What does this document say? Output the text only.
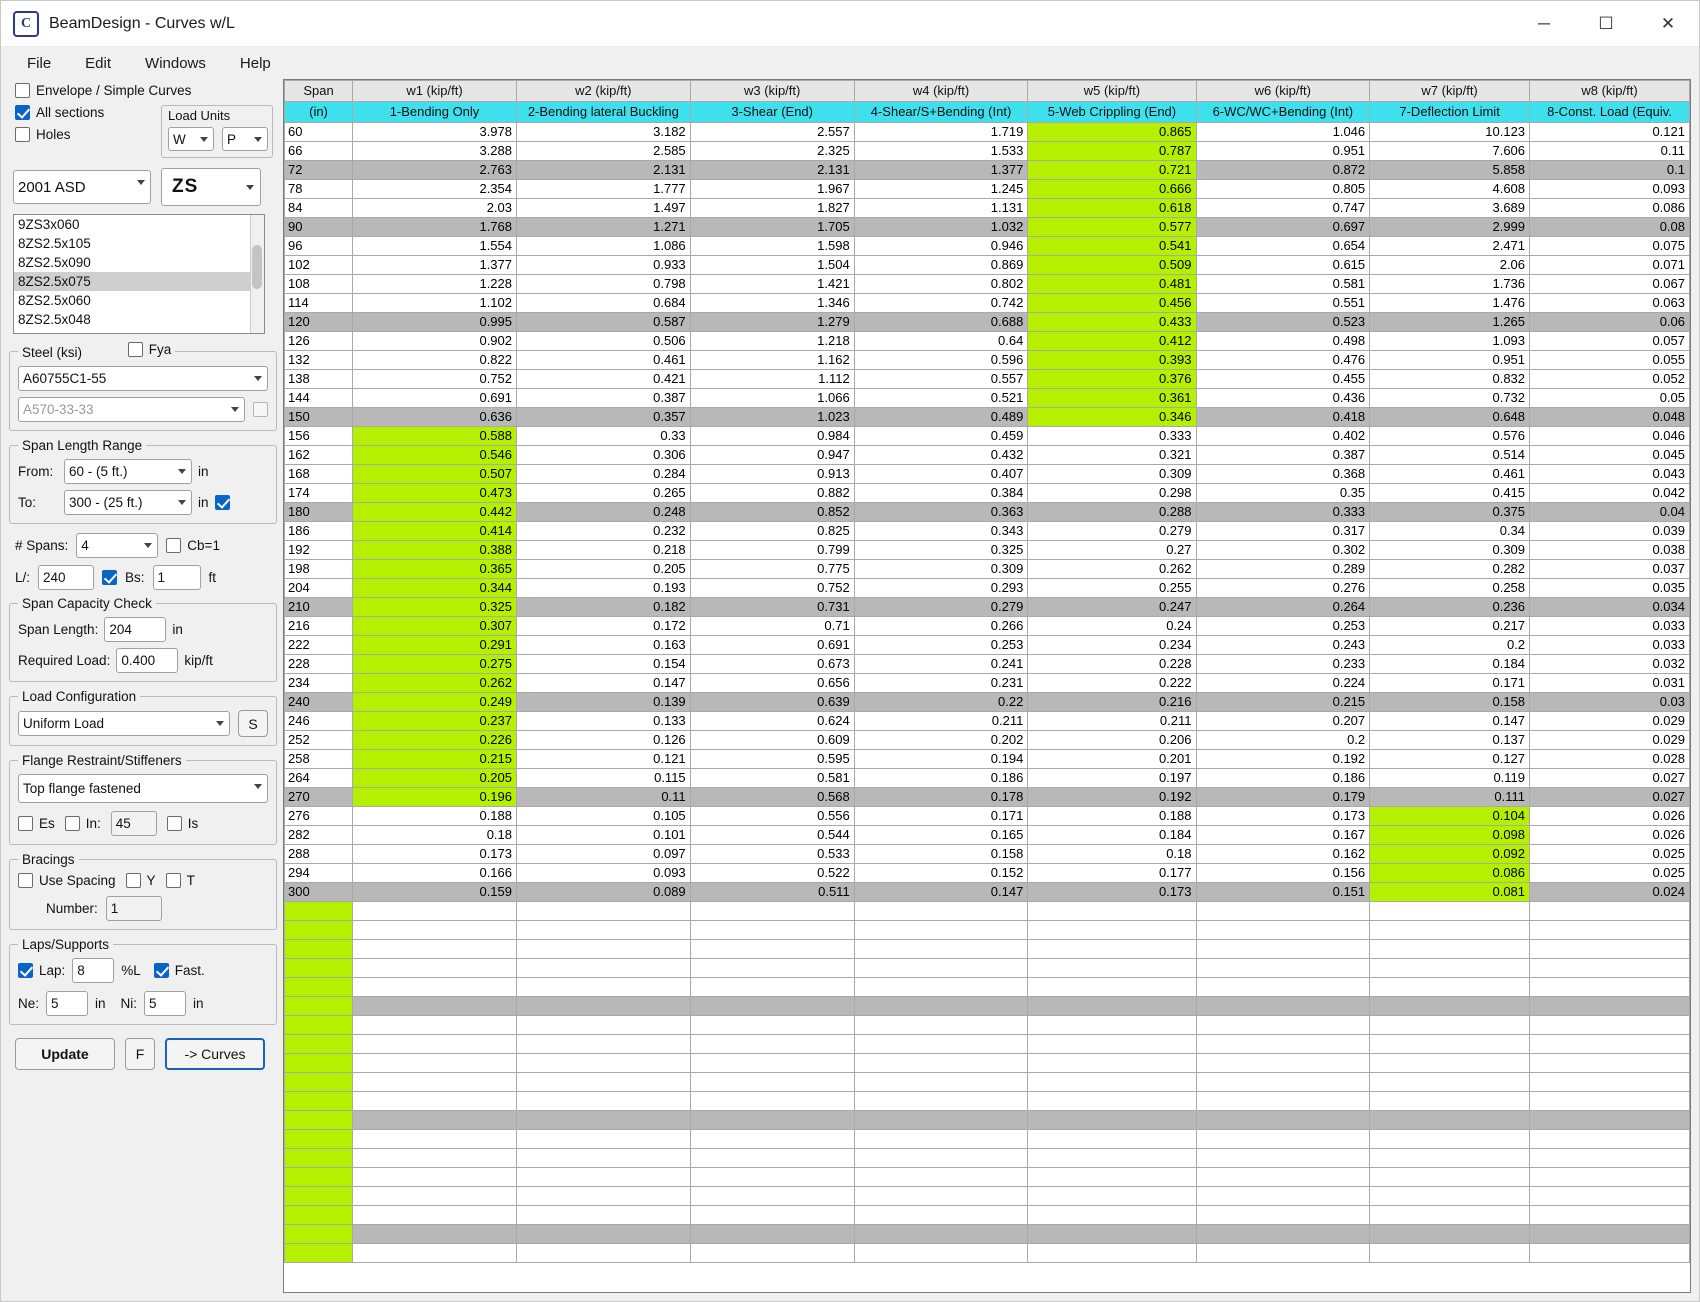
C	BeamDesign - Curves w/L	─	☐	✕
File Edit Windows Help
Envelope / Simple Curves
All sections
Holes
Load Units
W
P
2001 ASD
ZS
9ZS3x060
8ZS2.5x105
8ZS2.5x090
8ZS2.5x075
8ZS2.5x060
8ZS2.5x048
Steel (ksi)	Fya
A60755C1-55
A570-33-33
Span Length Range
From:
60 - (5 ft.)	in
To:
300 - (25 ft.)	in
# Spans:
4	Cb=1
L/:
240	Bs:
1	ft
Span Capacity Check
Span Length:
204	in
Required Load:
0.400	kip/ft
Load Configuration
Uniform Load
S
Flange Restraint/Stiffeners
Top flange fastened
Es In:
45	Is
Bracings
Use Spacing Y T
Number:
1
Laps/Supports
Lap:
8	%L	Fast.
Ne:
5	in Ni:
5	in
Update	F	-> Curves
Span	w1 (kip/ft)	w2 (kip/ft)	w3 (kip/ft)	w4 (kip/ft)	w5 (kip/ft)	w6 (kip/ft)	w7 (kip/ft)	w8 (kip/ft)
(in)	1-Bending Only	2-Bending lateral Buckling	3-Shear (End)	4-Shear/S+Bending (Int)	5-Web Crippling (End)	6-WC/WC+Bending (Int)	7-Deflection Limit	8-Const. Load (Equiv.
60	3.978	3.182	2.557	1.719	0.865	1.046	10.123	0.121
66	3.288	2.585	2.325	1.533	0.787	0.951	7.606	0.11
72	2.763	2.131	2.131	1.377	0.721	0.872	5.858	0.1
78	2.354	1.777	1.967	1.245	0.666	0.805	4.608	0.093
84	2.03	1.497	1.827	1.131	0.618	0.747	3.689	0.086
90	1.768	1.271	1.705	1.032	0.577	0.697	2.999	0.08
96	1.554	1.086	1.598	0.946	0.541	0.654	2.471	0.075
102	1.377	0.933	1.504	0.869	0.509	0.615	2.06	0.071
108	1.228	0.798	1.421	0.802	0.481	0.581	1.736	0.067
114	1.102	0.684	1.346	0.742	0.456	0.551	1.476	0.063
120	0.995	0.587	1.279	0.688	0.433	0.523	1.265	0.06
126	0.902	0.506	1.218	0.64	0.412	0.498	1.093	0.057
132	0.822	0.461	1.162	0.596	0.393	0.476	0.951	0.055
138	0.752	0.421	1.112	0.557	0.376	0.455	0.832	0.052
144	0.691	0.387	1.066	0.521	0.361	0.436	0.732	0.05
150	0.636	0.357	1.023	0.489	0.346	0.418	0.648	0.048
156	0.588	0.33	0.984	0.459	0.333	0.402	0.576	0.046
162	0.546	0.306	0.947	0.432	0.321	0.387	0.514	0.045
168	0.507	0.284	0.913	0.407	0.309	0.368	0.461	0.043
174	0.473	0.265	0.882	0.384	0.298	0.35	0.415	0.042
180	0.442	0.248	0.852	0.363	0.288	0.333	0.375	0.04
186	0.414	0.232	0.825	0.343	0.279	0.317	0.34	0.039
192	0.388	0.218	0.799	0.325	0.27	0.302	0.309	0.038
198	0.365	0.205	0.775	0.309	0.262	0.289	0.282	0.037
204	0.344	0.193	0.752	0.293	0.255	0.276	0.258	0.035
210	0.325	0.182	0.731	0.279	0.247	0.264	0.236	0.034
216	0.307	0.172	0.71	0.266	0.24	0.253	0.217	0.033
222	0.291	0.163	0.691	0.253	0.234	0.243	0.2	0.033
228	0.275	0.154	0.673	0.241	0.228	0.233	0.184	0.032
234	0.262	0.147	0.656	0.231	0.222	0.224	0.171	0.031
240	0.249	0.139	0.639	0.22	0.216	0.215	0.158	0.03
246	0.237	0.133	0.624	0.211	0.211	0.207	0.147	0.029
252	0.226	0.126	0.609	0.202	0.206	0.2	0.137	0.029
258	0.215	0.121	0.595	0.194	0.201	0.192	0.127	0.028
264	0.205	0.115	0.581	0.186	0.197	0.186	0.119	0.027
270	0.196	0.11	0.568	0.178	0.192	0.179	0.111	0.027
276	0.188	0.105	0.556	0.171	0.188	0.173	0.104	0.026
282	0.18	0.101	0.544	0.165	0.184	0.167	0.098	0.026
288	0.173	0.097	0.533	0.158	0.18	0.162	0.092	0.025
294	0.166	0.093	0.522	0.152	0.177	0.156	0.086	0.025
300	0.159	0.089	0.511	0.147	0.173	0.151	0.081	0.024
